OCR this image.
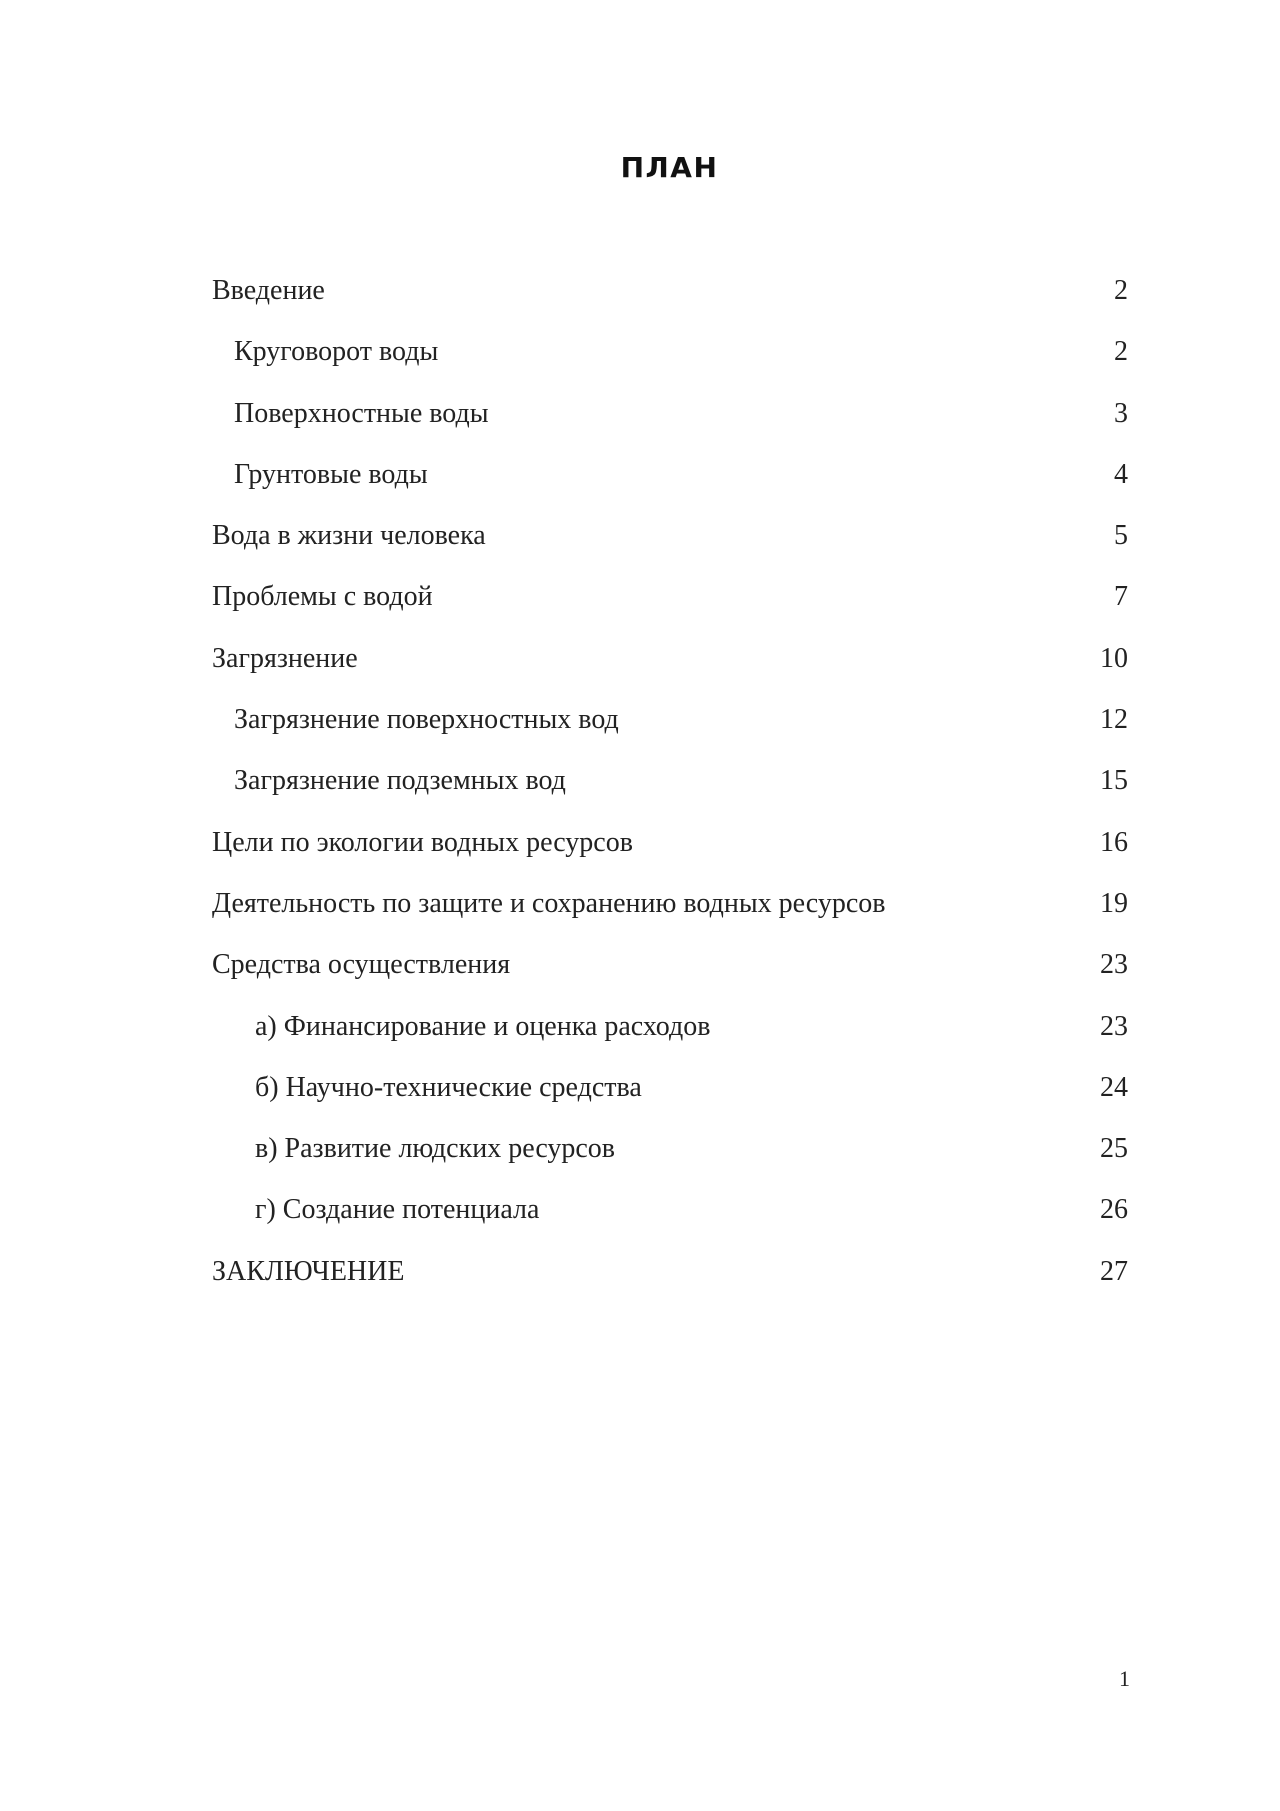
ПЛАН
Введение	2
Круговорот воды	2
Поверхностные воды	3
Грунтовые воды	4
Вода в жизни человека	5
Проблемы с водой	7
Загрязнение	10
Загрязнение поверхностных вод	12
Загрязнение подземных вод	15
Цели по экологии водных ресурсов	16
Деятельность по защите и сохранению водных ресурсов	19
Средства осуществления	23
а) Финансирование и оценка расходов	23
б) Научно-технические средства	24
в) Развитие людских ресурсов	25
г) Создание потенциала	26
ЗАКЛЮЧЕНИЕ	27
1
